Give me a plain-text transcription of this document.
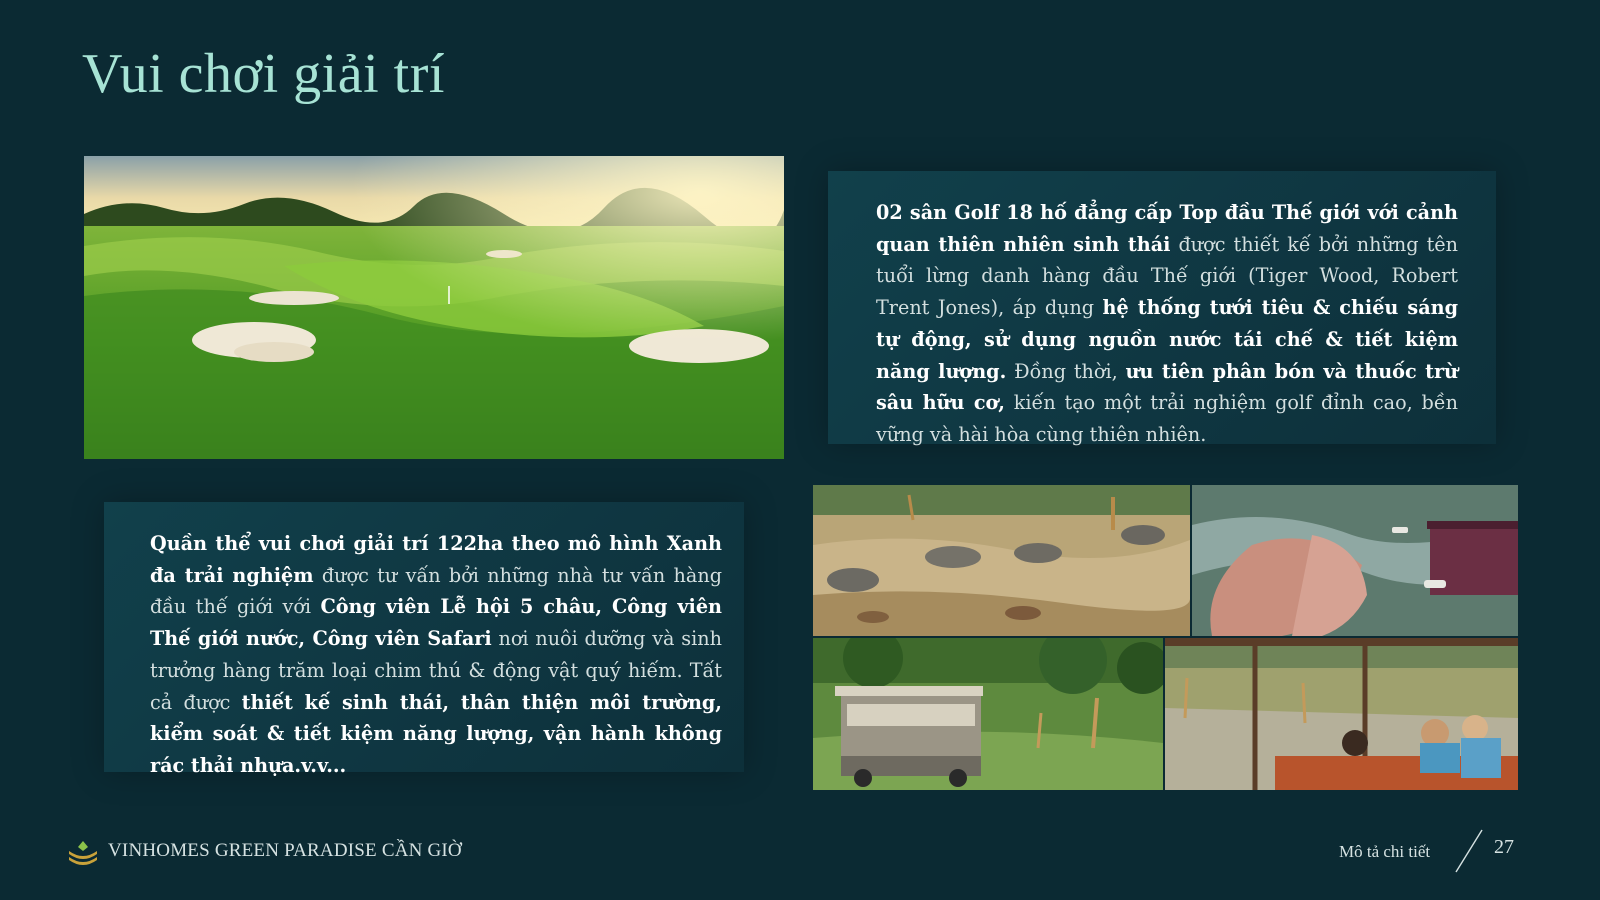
Vui chơi giải trí

02 sân Golf 18 hố đẳng cấp Top đầu Thế giới với cảnh quan thiên nhiên sinh thái được thiết kế bởi những tên tuổi lừng danh hàng đầu Thế giới (Tiger Wood, Robert Trent Jones), áp dụng hệ thống tưới tiêu & chiếu sáng tự động, sử dụng nguồn nước tái chế & tiết kiệm năng lượng. Đồng thời, ưu tiên phân bón và thuốc trừ sâu hữu cơ, kiến tạo một trải nghiệm golf đỉnh cao, bền vững và hài hòa cùng thiên nhiên.

Quần thể vui chơi giải trí 122ha theo mô hình Xanh đa trải nghiệm được tư vấn bởi những nhà tư vấn hàng đầu thế giới với Công viên Lễ hội 5 châu, Công viên Thế giới nước, Công viên Safari nơi nuôi dưỡng và sinh trưởng hàng trăm loại chim thú & động vật quý hiếm. Tất cả được thiết kế sinh thái, thân thiện môi trường, kiểm soát & tiết kiệm năng lượng, vận hành không rác thải nhựa.v.v...

VINHOMES GREEN PARADISE CẦN GIỜ	Mô tả chi tiết	27
